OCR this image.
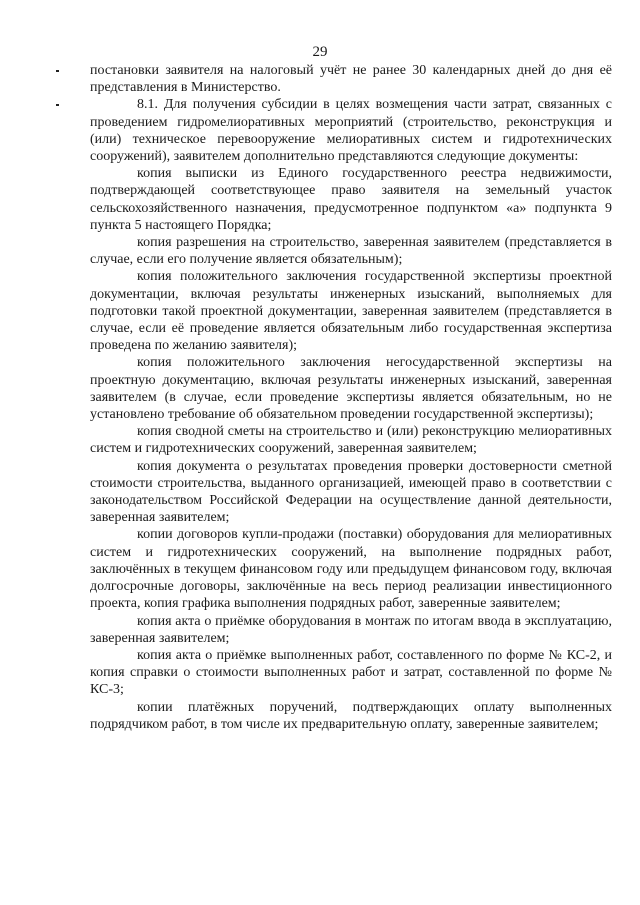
29

постановки заявителя на налоговый учёт не ранее 30 календарных дней до дня её представления в Министерство.

8.1. Для получения субсидии в целях возмещения части затрат, связанных с проведением гидромелиоративных мероприятий (строительство, реконструкция и (или) техническое перевооружение мелиоративных систем и гидротехнических сооружений), заявителем дополнительно представляются следующие документы:

копия выписки из Единого государственного реестра недвижимости, подтверждающей соответствующее право заявителя на земельный участок сельскохозяйственного назначения, предусмотренное подпунктом «а» подпункта 9 пункта 5 настоящего Порядка;

копия разрешения на строительство, заверенная заявителем (представляется в случае, если его получение является обязательным);

копия положительного заключения государственной экспертизы проектной документации, включая результаты инженерных изысканий, выполняемых для подготовки такой проектной документации, заверенная заявителем (представляется в случае, если её проведение является обязательным либо государственная экспертиза проведена по желанию заявителя);

копия положительного заключения негосударственной экспертизы на проектную документацию, включая результаты инженерных изысканий, заверенная заявителем (в случае, если проведение экспертизы является обязательным, но не установлено требование об обязательном проведении государственной экспертизы);

копия сводной сметы на строительство и (или) реконструкцию мелиоративных систем и гидротехнических сооружений, заверенная заявителем;

копия документа о результатах проведения проверки достоверности сметной стоимости строительства, выданного организацией, имеющей право в соответствии с законодательством Российской Федерации на осуществление данной деятельности, заверенная заявителем;

копии договоров купли-продажи (поставки) оборудования для мелиоративных систем и гидротехнических сооружений, на выполнение подрядных работ, заключённых в текущем финансовом году или предыдущем финансовом году, включая долгосрочные договоры, заключённые на весь период реализации инвестиционного проекта, копия графика выполнения подрядных работ, заверенные заявителем;

копия акта о приёмке оборудования в монтаж по итогам ввода в эксплуатацию, заверенная заявителем;

копия акта о приёмке выполненных работ, составленного по форме № КС-2, и копия справки о стоимости выполненных работ и затрат, составленной по форме № КС-3;

копии платёжных поручений, подтверждающих оплату выполненных подрядчиком работ, в том числе их предварительную оплату, заверенные заявителем;
